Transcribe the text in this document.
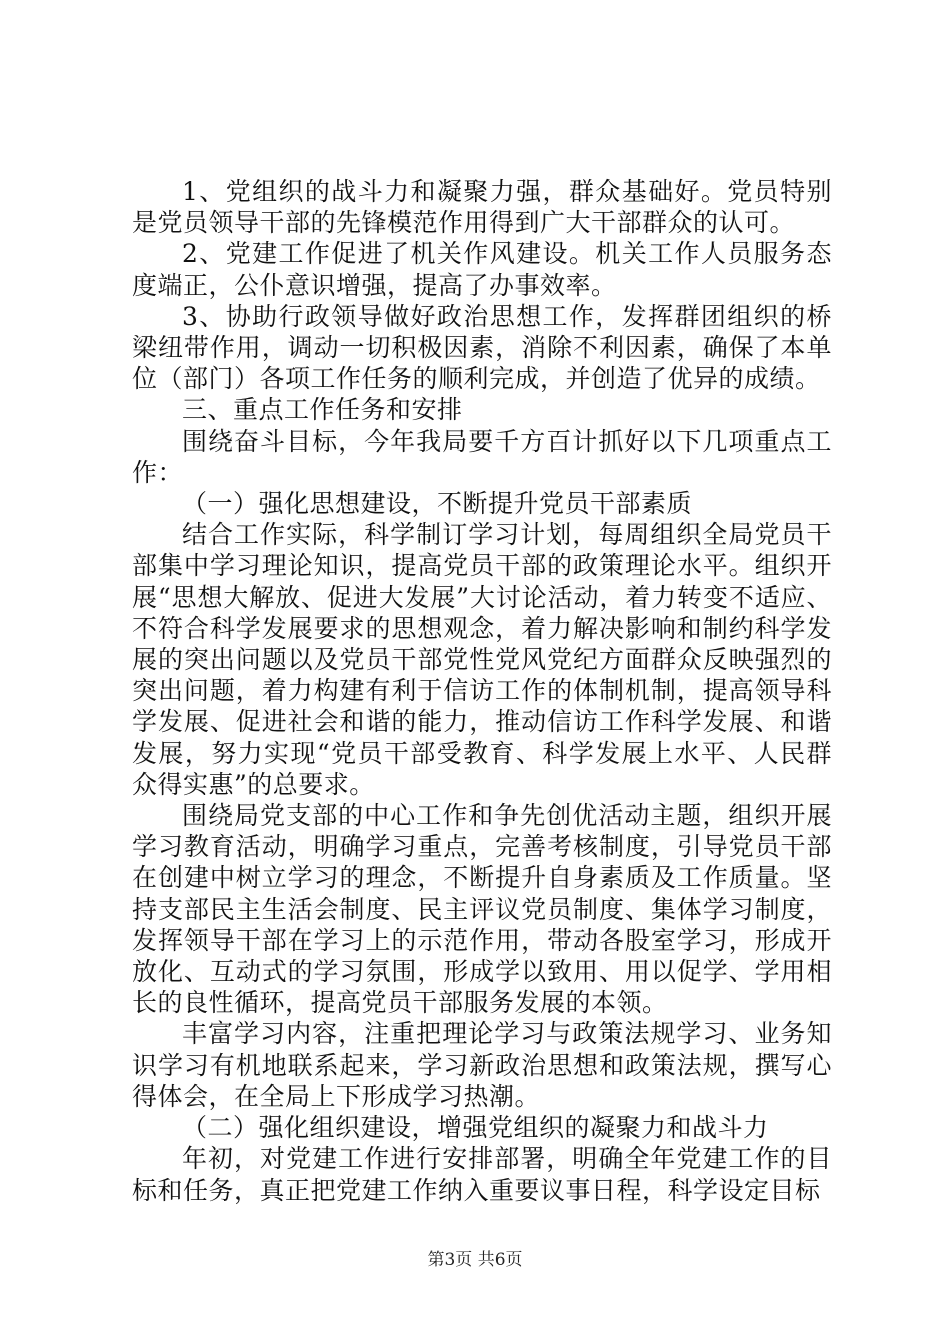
1、党组织的战斗力和凝聚力强，群众基础好。党员特别是党员领导干部的先锋模范作用得到广大干部群众的认可。

2、党建工作促进了机关作风建设。机关工作人员服务态度端正，公仆意识增强，提高了办事效率。

3、协助行政领导做好政治思想工作，发挥群团组织的桥梁纽带作用，调动一切积极因素，消除不利因素，确保了本单位（部门）各项工作任务的顺利完成，并创造了优异的成绩。

三、重点工作任务和安排

围绕奋斗目标，今年我局要千方百计抓好以下几项重点工作：

（一）强化思想建设，不断提升党员干部素质

结合工作实际，科学制订学习计划，每周组织全局党员干部集中学习理论知识，提高党员干部的政策理论水平。组织开展“思想大解放、促进大发展”大讨论活动，着力转变不适应、不符合科学发展要求的思想观念，着力解决影响和制约科学发展的突出问题以及党员干部党性党风党纪方面群众反映强烈的突出问题，着力构建有利于信访工作的体制机制，提高领导科学发展、促进社会和谐的能力，推动信访工作科学发展、和谐发展，努力实现“党员干部受教育、科学发展上水平、人民群众得实惠”的总要求。

围绕局党支部的中心工作和争先创优活动主题，组织开展学习教育活动，明确学习重点，完善考核制度，引导党员干部在创建中树立学习的理念，不断提升自身素质及工作质量。坚持支部民主生活会制度、民主评议党员制度、集体学习制度，发挥领导干部在学习上的示范作用，带动各股室学习，形成开放化、互动式的学习氛围，形成学以致用、用以促学、学用相长的良性循环，提高党员干部服务发展的本领。

丰富学习内容，注重把理论学习与政策法规学习、业务知识学习有机地联系起来，学习新政治思想和政策法规，撰写心得体会，在全局上下形成学习热潮。

（二）强化组织建设，增强党组织的凝聚力和战斗力

年初，对党建工作进行安排部署，明确全年党建工作的目标和任务，真正把党建工作纳入重要议事日程，科学设定目标

第3页 共6页
